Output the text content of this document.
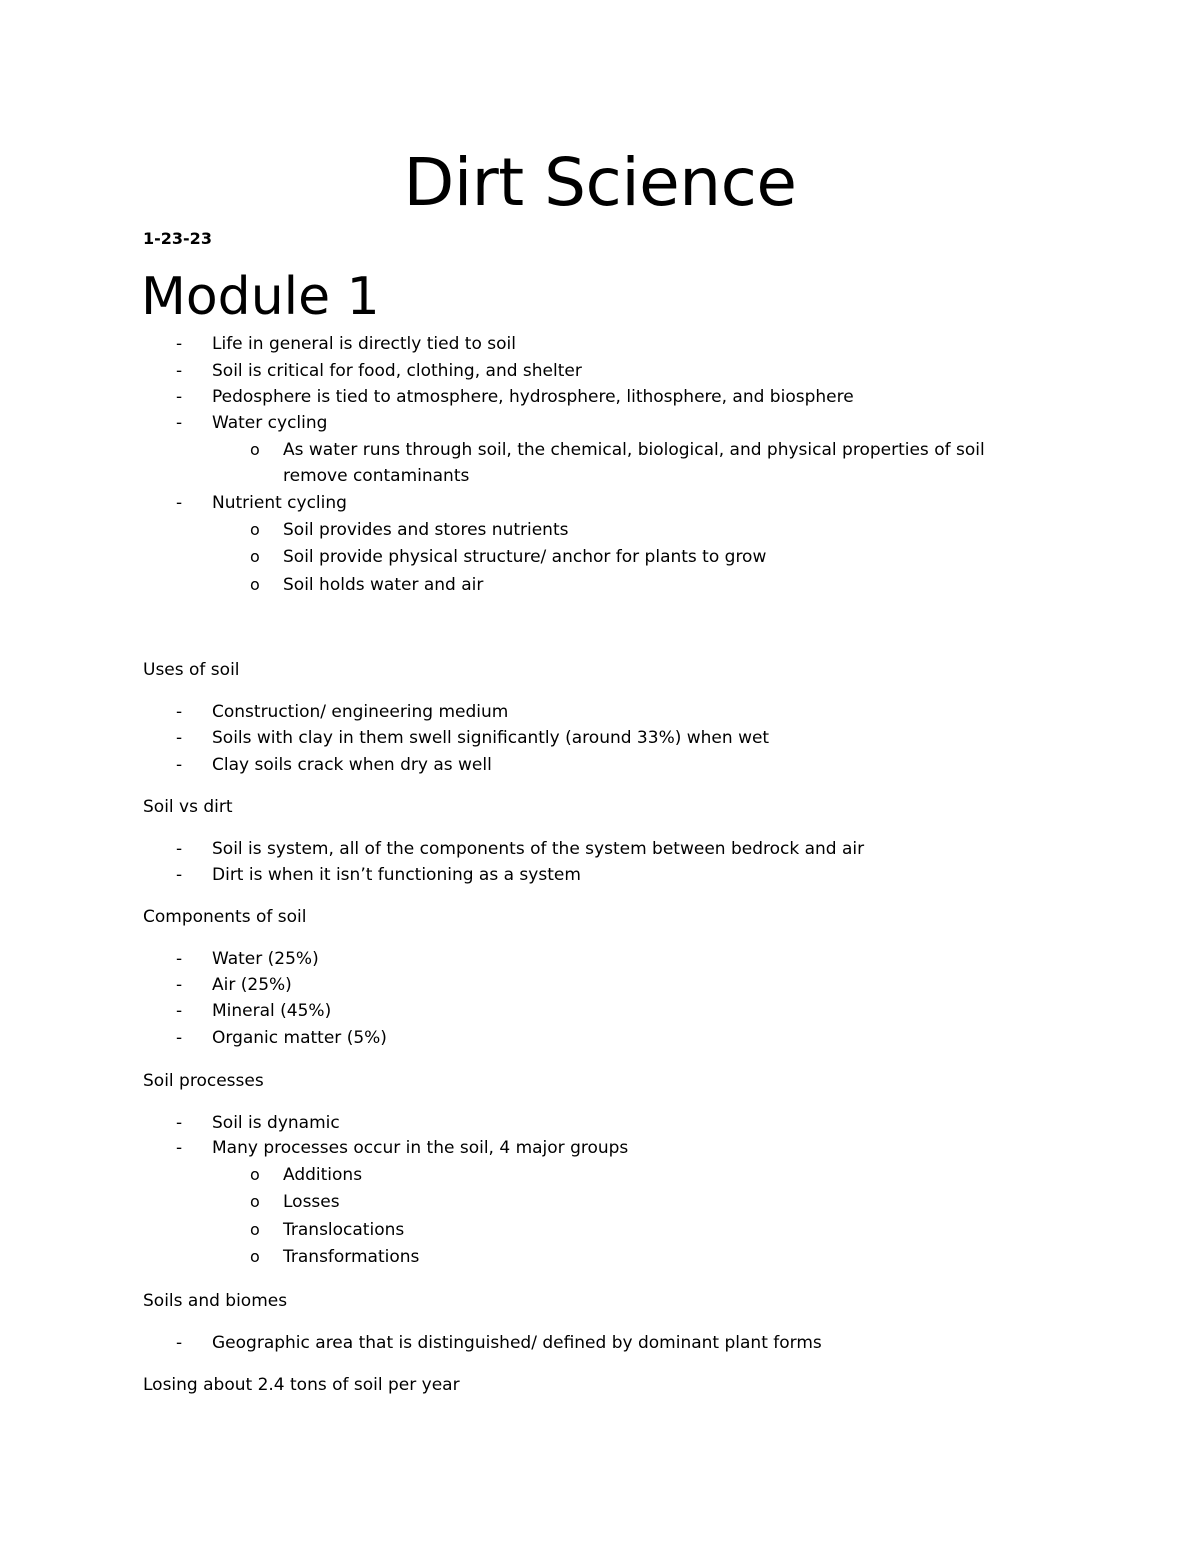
Dirt Science
1-23-23
Module 1
- Life in general is directly tied to soil
- Soil is critical for food, clothing, and shelter
- Pedosphere is tied to atmosphere, hydrosphere, lithosphere, and biosphere
- Water cycling
o As water runs through soil, the chemical, biological, and physical properties of soil
remove contaminants
- Nutrient cycling
o Soil provides and stores nutrients
o Soil provide physical structure/ anchor for plants to grow
o Soil holds water and air
Uses of soil
- Construction/ engineering medium
- Soils with clay in them swell significantly (around 33%) when wet
- Clay soils crack when dry as well
Soil vs dirt
- Soil is system, all of the components of the system between bedrock and air
- Dirt is when it isn’t functioning as a system
Components of soil
- Water (25%)
- Air (25%)
- Mineral (45%)
- Organic matter (5%)
Soil processes
- Soil is dynamic
- Many processes occur in the soil, 4 major groups
o Additions
o Losses
o Translocations
o Transformations
Soils and biomes
- Geographic area that is distinguished/ defined by dominant plant forms
Losing about 2.4 tons of soil per year
